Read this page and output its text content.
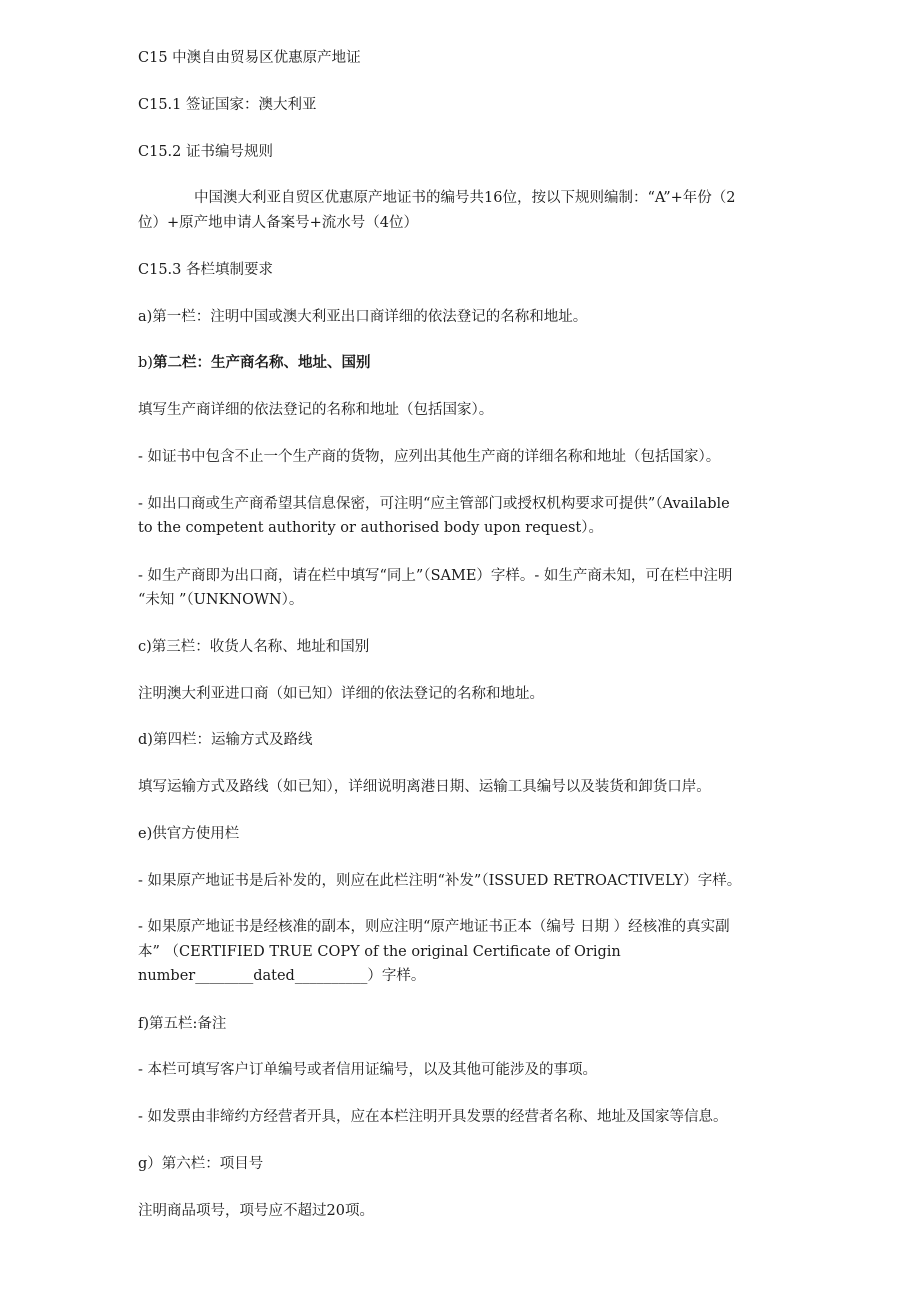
C15 中澳自由贸易区优惠原产地证
C15.1 签证国家：澳大利亚
C15.2 证书编号规则
中国澳大利亚自贸区优惠原产地证书的编号共16位，按以下规则编制：“A”+年份（2
位）+原产地申请人备案号+流水号（4位）
C15.3 各栏填制要求
a)第一栏：注明中国或澳大利亚出口商详细的依法登记的名称和地址。
b)第二栏：生产商名称、地址、国别
填写生产商详细的依法登记的名称和地址（包括国家）。
- 如证书中包含不止一个生产商的货物，应列出其他生产商的详细名称和地址（包括国家）。
- 如出口商或生产商希望其信息保密，可注明“应主管部门或授权机构要求可提供”（Available
to the competent authority or authorised body upon request）。
- 如生产商即为出口商，请在栏中填写“同上”（SAME）字样。- 如生产商未知，可在栏中注明
“未知 ”（UNKNOWN）。
c)第三栏：收货人名称、地址和国别
注明澳大利亚进口商（如已知）详细的依法登记的名称和地址。
d)第四栏：运输方式及路线
填写运输方式及路线（如已知），详细说明离港日期、运输工具编号以及装货和卸货口岸。
e)供官方使用栏
- 如果原产地证书是后补发的，则应在此栏注明“补发”（ISSUED RETROACTIVELY）字样。
- 如果原产地证书是经核准的副本，则应注明“原产地证书正本（编号 日期 ）经核准的真实副
本” （CERTIFIED TRUE COPY of the original Certificate of Origin
number________dated__________）字样。
f)第五栏:备注
- 本栏可填写客户订单编号或者信用证编号，以及其他可能涉及的事项。
- 如发票由非缔约方经营者开具，应在本栏注明开具发票的经营者名称、地址及国家等信息。
g）第六栏：项目号
注明商品项号，项号应不超过20项。
